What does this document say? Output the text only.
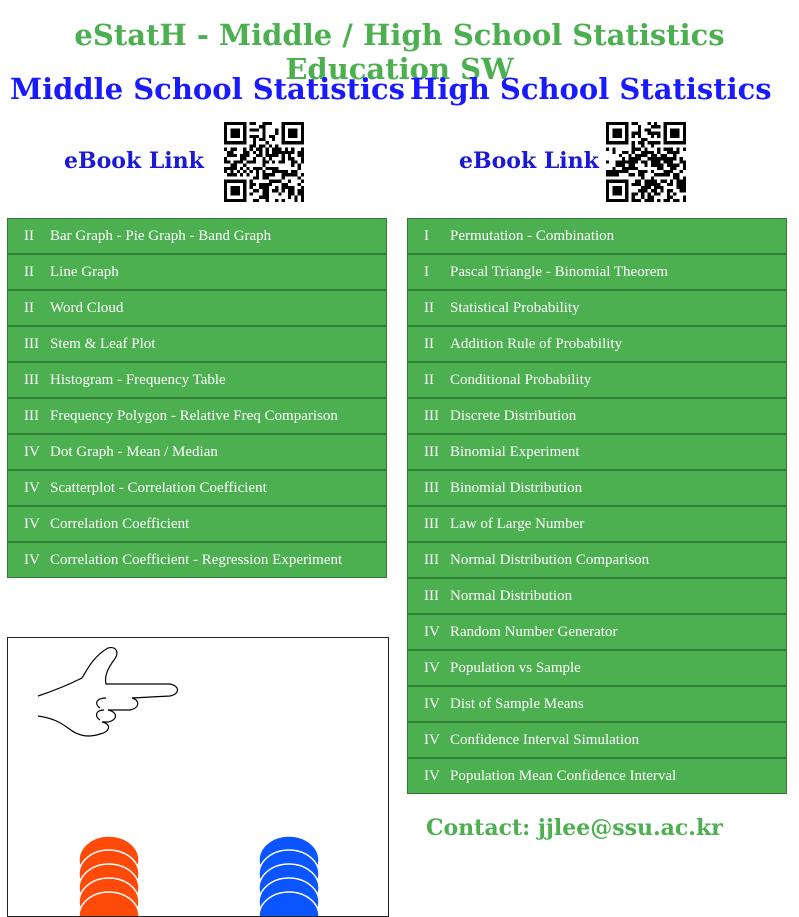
eStatH - Middle / High School Statistics Education SW
Middle School Statistics High School Statistics
eBook Link	eBook Link
II	Bar Graph - Pie Graph - Band Graph
II	Line Graph
II	Word Cloud
III Stem & Leaf Plot
III Histogram - Frequency Table
III Frequency Polygon - Relative Freq Comparison
IV Dot Graph - Mean / Median
IV Scatterplot - Correlation Coefficient
IV Correlation Coefficient
IV Correlation Coefficient - Regression Experiment
I	Permutation - Combination
I	Pascal Triangle - Binomial Theorem
II	Statistical Probability
II	Addition Rule of Probability
II	Conditional Probability
III Discrete Distribution
III Binomial Experiment
III Binomial Distribution
III Law of Large Number
III Normal Distribution Comparison
III Normal Distribution
IV Random Number Generator
IV Population vs Sample
IV Dist of Sample Means
IV Confidence Interval Simulation
IV Population Mean Confidence Interval

Contact: jjlee@ssu.ac.kr
